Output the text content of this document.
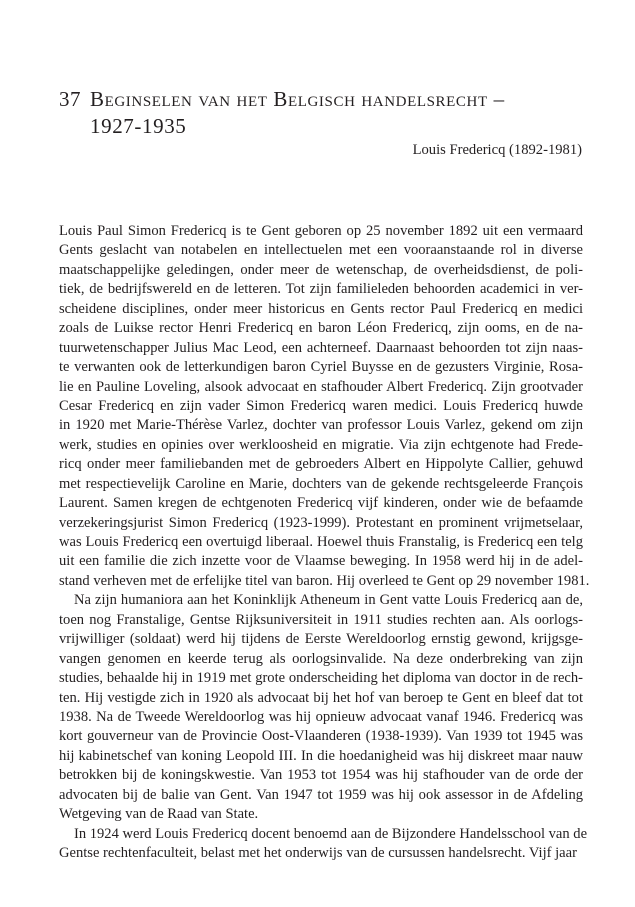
37 Beginselen van het Belgisch handelsrecht –
1927-1935
Louis Fredericq (1892-1981)
Louis Paul Simon Fredericq is te Gent geboren op 25 november 1892 uit een vermaard
Gents geslacht van notabelen en intellectuelen met een vooraanstaande rol in diverse
maatschappelijke geledingen, onder meer de wetenschap, de overheidsdienst, de poli-
tiek, de bedrijfswereld en de letteren. Tot zijn familieleden behoorden academici in ver-
scheidene disciplines, onder meer historicus en Gents rector Paul Fredericq en medici
zoals de Luikse rector Henri Fredericq en baron Léon Fredericq, zijn ooms, en de na-
tuurwetenschapper Julius Mac Leod, een achterneef. Daarnaast behoorden tot zijn naas-
te verwanten ook de letterkundigen baron Cyriel Buysse en de gezusters Virginie, Rosa-
lie en Pauline Loveling, alsook advocaat en stafhouder Albert Fredericq. Zijn grootvader
Cesar Fredericq en zijn vader Simon Fredericq waren medici. Louis Fredericq huwde
in 1920 met Marie-Thérèse Varlez, dochter van professor Louis Varlez, gekend om zijn
werk, studies en opinies over werkloosheid en migratie. Via zijn echtgenote had Frede-
ricq onder meer familiebanden met de gebroeders Albert en Hippolyte Callier, gehuwd
met respectievelijk Caroline en Marie, dochters van de gekende rechtsgeleerde François
Laurent. Samen kregen de echtgenoten Fredericq vijf kinderen, onder wie de befaamde
verzekeringsjurist Simon Fredericq (1923-1999). Protestant en prominent vrijmetselaar,
was Louis Fredericq een overtuigd liberaal. Hoewel thuis Franstalig, is Fredericq een telg
uit een familie die zich inzette voor de Vlaamse beweging. In 1958 werd hij in de adel-
stand verheven met de erfelijke titel van baron. Hij overleed te Gent op 29 november 1981.
Na zijn humaniora aan het Koninklijk Atheneum in Gent vatte Louis Fredericq aan de,
toen nog Franstalige, Gentse Rijksuniversiteit in 1911 studies rechten aan. Als oorlogs-
vrijwilliger (soldaat) werd hij tijdens de Eerste Wereldoorlog ernstig gewond, krijgsge-
vangen genomen en keerde terug als oorlogsinvalide. Na deze onderbreking van zijn
studies, behaalde hij in 1919 met grote onderscheiding het diploma van doctor in de rech-
ten. Hij vestigde zich in 1920 als advocaat bij het hof van beroep te Gent en bleef dat tot
1938. Na de Tweede Wereldoorlog was hij opnieuw advocaat vanaf 1946. Fredericq was
kort gouverneur van de Provincie Oost-Vlaanderen (1938-1939). Van 1939 tot 1945 was
hij kabinetschef van koning Leopold III. In die hoedanigheid was hij diskreet maar nauw
betrokken bij de koningskwestie. Van 1953 tot 1954 was hij stafhouder van de orde der
advocaten bij de balie van Gent. Van 1947 tot 1959 was hij ook assessor in de Afdeling
Wetgeving van de Raad van State.
In 1924 werd Louis Fredericq docent benoemd aan de Bijzondere Handelsschool van de
Gentse rechtenfaculteit, belast met het onderwijs van de cursussen handelsrecht. Vijf jaar
